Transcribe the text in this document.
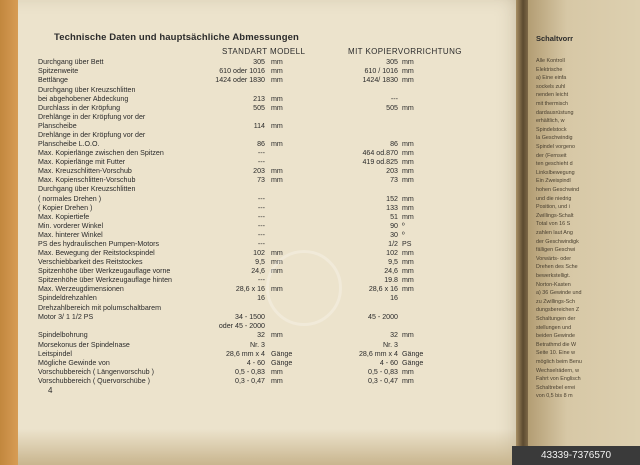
Technische Daten und hauptsächliche Abmessungen
STANDART MODELL	MIT KOPIERVORRICHTUNG
Durchgang über Bett	305 mm	305 mm
Spitzenweite	610 oder 1016 mm	610 / 1016 mm
Bettlänge	1424 oder 1830 mm	1424/ 1830 mm
Durchgang über Kreuzschlitten
bei abgehobener Abdeckung	213 mm	---
Durchlass in der Kröpfung	505 mm	505 mm
Drehlänge in der Kröpfung vor der
Planscheibe	114 mm
Drehlänge in der Kröpfung vor der
Planscheibe L.O.O.	86 mm	86 mm
Max. Kopierlänge zwischen den Spitzen	---	464 od.870 mm
Max. Kopierlänge mit Futter	---	419 od.825 mm
Max. Kreuzschlitten-Vorschub	203 mm	203 mm
Max. Kopienschlitten-Vorschub	73 mm	73 mm
Durchgang über Kreuzschlitten
( normales Drehen )	---	152 mm
( Kopier Drehen )	---	133 mm
Max. Kopiertiefe	---	51 mm
Min. vorderer Winkel	---	90 º
Max. hinterer Winkel	---	30 º
PS des hydraulischen Pumpen-Motors	---	1/2 PS
Max. Bewegung der Reitstockspindel	102 mm	102 mm
Verschiebbarkeit des Reitstockes	9,5 mm	9,5 mm
Spitzenhöhe über Werkzeugauflage vorne	24,6 mm	24,6 mm
Spitzenhöhe über Werkzeugauflage hinten	---	19.8 mm
Max. Werzeugdimensionen	28,6 x 16 mm	28,6 x 16 mm
Spindeldrehzahlen	16	16
Drehzahlbereich mit polumschaltbarem
Motor 3/ 1 1/2 PS	34 - 1500	45 - 2000
oder 45 - 2000
Spindelbohrung	32 mm	32 mm
Morsekonus der Spindelnase	Nr. 3	Nr. 3
Leitspindel	28,6 mm x 4 Gänge	28,6 mm x 4 Gänge
Mögliche Gewinde von	4 - 60 Gänge	4 - 60 Gänge
Vorschubbereich ( Längenvorschub )	0,5 - 0,83 mm	0,5 - 0,83 mm
Vorschubbereich ( Quervorschübe )	0,3 - 0,47 mm	0,3 - 0,47 mm
4
Schaltvorr
Alle Kontroll
Elektrische
a) Eine einfa
sockels zuhl
nenden leicht
mit thermisch
dardausrüstung
erhältlich, w
Spindelstock
la Geschwindig
Spindel vorgeno
der (Fernseit
ten geschieht d
Linkslbewegung
Ein Zweispindl
hohen Geschwind
und die niedrig
Position, und i
Zwillings-Schalt
Total von 16 S
zahlen laut Ang
der Geschwindigk
fälligen Geschwi
Vorwärts- oder
Drehen des Sche
bewerkstelligt.
Norton-Kasten
a) 36 Gewinde und
zu Zwillings-Sch
dungsbereichen Z
Schaltungen der
stellungen und
beiden Gewinde
Betrathmd die W
Seite 10. Eine w
möglich beim Benu
Wechselrädern, w
Fahrt von Englisch
Schaltrebel errei
von 0,5 bis 8 m
43339-7376570
